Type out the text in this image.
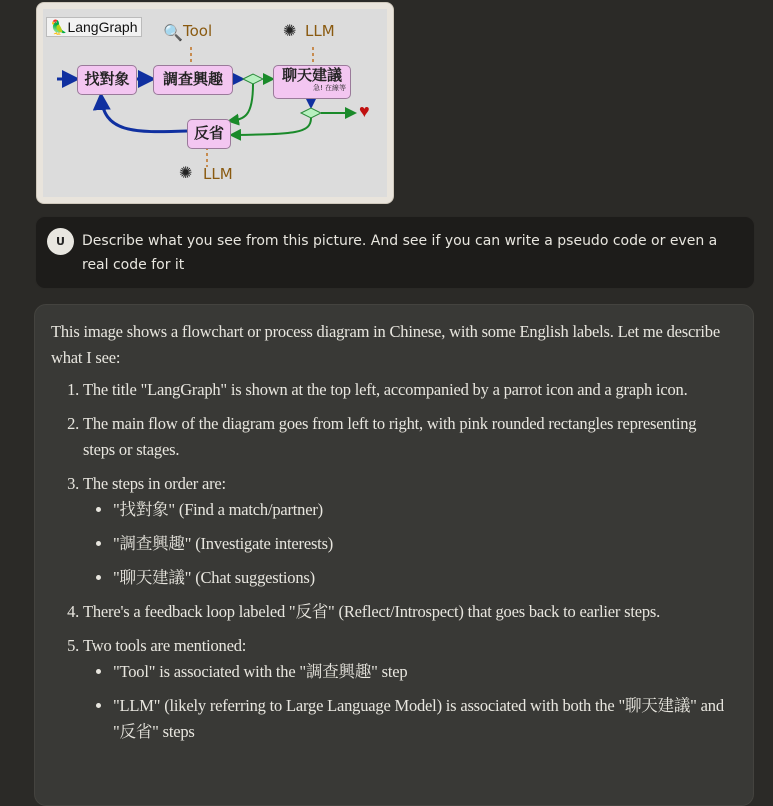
🦜LangGraph
找對象	調查興趣	聊天建議
急! 在線等
反省
🔍 Tool	✺ LLM
✺ LLM
♥
U	Describe what you see from this picture. And see if you can write a pseudo code or even a real code for it

This image shows a flowchart or process diagram in Chinese, with some English labels. Let me describe what I see:

1. The title "LangGraph" is shown at the top left, accompanied by a parrot icon and a graph icon.
2. The main flow of the diagram goes from left to right, with pink rounded rectangles representing steps or stages.
3. The steps in order are:
• "找對象" (Find a match/partner)
• "調查興趣" (Investigate interests)
• "聊天建議" (Chat suggestions)
4. There's a feedback loop labeled "反省" (Reflect/Introspect) that goes back to earlier steps.
5. Two tools are mentioned:
• "Tool" is associated with the "調查興趣" step
• "LLM" (likely referring to Large Language Model) is associated with both the "聊天建議" and "反省" steps
